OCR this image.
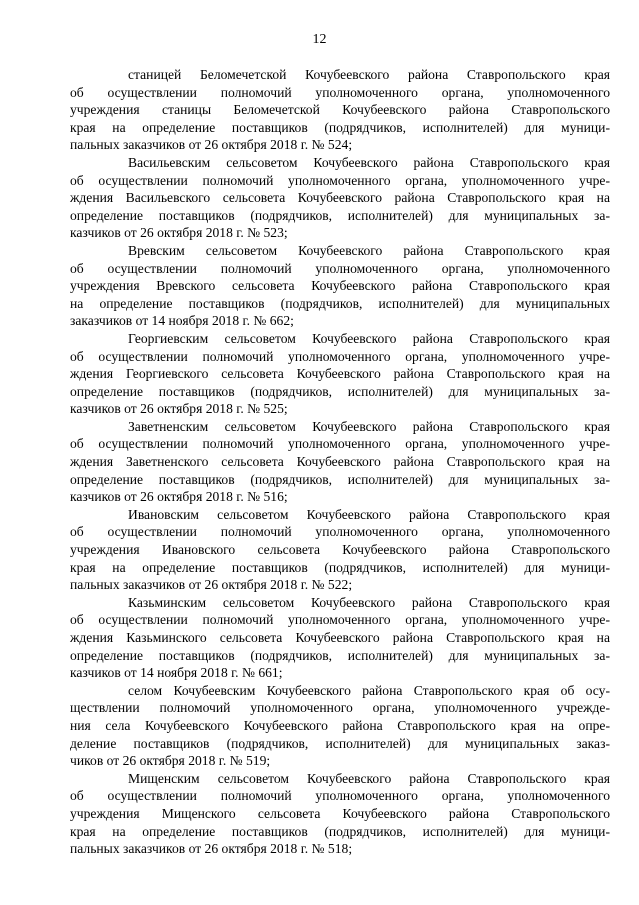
12
станицей Беломечетской Кочубеевского района Ставропольского края
об осуществлении полномочий уполномоченного органа, уполномоченного
учреждения станицы Беломечетской Кочубеевского района Ставропольского
края на определение поставщиков (подрядчиков, исполнителей) для муници-
пальных заказчиков от 26 октября 2018 г. № 524;
Васильевским сельсоветом Кочубеевского района Ставропольского края
об осуществлении полномочий уполномоченного органа, уполномоченного учре-
ждения Васильевского сельсовета Кочубеевского района Ставропольского края на
определение поставщиков (подрядчиков, исполнителей) для муниципальных за-
казчиков от 26 октября 2018 г. № 523;
Вревским сельсоветом Кочубеевского района Ставропольского края
об осуществлении полномочий уполномоченного органа, уполномоченного
учреждения Вревского сельсовета Кочубеевского района Ставропольского края
на определение поставщиков (подрядчиков, исполнителей) для муниципальных
заказчиков от 14 ноября 2018 г. № 662;
Георгиевским сельсоветом Кочубеевского района Ставропольского края
об осуществлении полномочий уполномоченного органа, уполномоченного учре-
ждения Георгиевского сельсовета Кочубеевского района Ставропольского края на
определение поставщиков (подрядчиков, исполнителей) для муниципальных за-
казчиков от 26 октября 2018 г. № 525;
Заветненским сельсоветом Кочубеевского района Ставропольского края
об осуществлении полномочий уполномоченного органа, уполномоченного учре-
ждения Заветненского сельсовета Кочубеевского района Ставропольского края на
определение поставщиков (подрядчиков, исполнителей) для муниципальных за-
казчиков от 26 октября 2018 г. № 516;
Ивановским сельсоветом Кочубеевского района Ставропольского края
об осуществлении полномочий уполномоченного органа, уполномоченного
учреждения Ивановского сельсовета Кочубеевского района Ставропольского
края на определение поставщиков (подрядчиков, исполнителей) для муници-
пальных заказчиков от 26 октября 2018 г. № 522;
Казьминским сельсоветом Кочубеевского района Ставропольского края
об осуществлении полномочий уполномоченного органа, уполномоченного учре-
ждения Казьминского сельсовета Кочубеевского района Ставропольского края на
определение поставщиков (подрядчиков, исполнителей) для муниципальных за-
казчиков от 14 ноября 2018 г. № 661;
селом Кочубеевским Кочубеевского района Ставропольского края об осу-
ществлении полномочий уполномоченного органа, уполномоченного учрежде-
ния села Кочубеевского Кочубеевского района Ставропольского края на опре-
деление поставщиков (подрядчиков, исполнителей) для муниципальных заказ-
чиков от 26 октября 2018 г. № 519;
Мищенским сельсоветом Кочубеевского района Ставропольского края
об осуществлении полномочий уполномоченного органа, уполномоченного
учреждения Мищенского сельсовета Кочубеевского района Ставропольского
края на определение поставщиков (подрядчиков, исполнителей) для муници-
пальных заказчиков от 26 октября 2018 г. № 518;
